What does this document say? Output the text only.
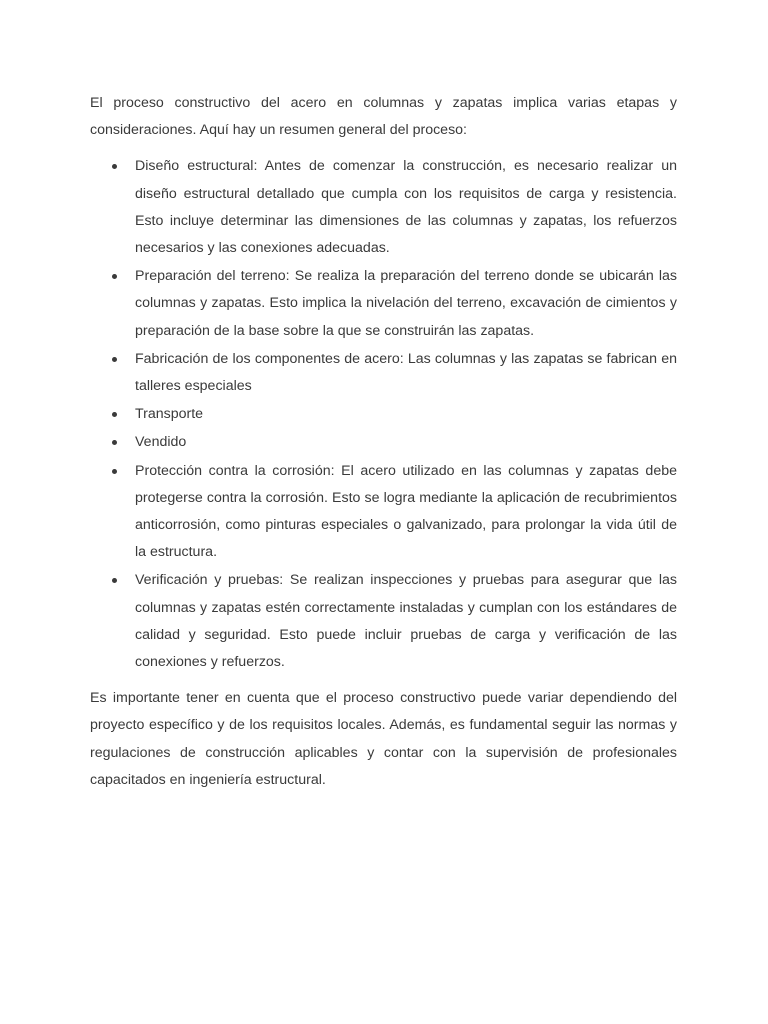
El proceso constructivo del acero en columnas y zapatas implica varias etapas y consideraciones. Aquí hay un resumen general del proceso:

Diseño estructural: Antes de comenzar la construcción, es necesario realizar un diseño estructural detallado que cumpla con los requisitos de carga y resistencia. Esto incluye determinar las dimensiones de las columnas y zapatas, los refuerzos necesarios y las conexiones adecuadas.
Preparación del terreno: Se realiza la preparación del terreno donde se ubicarán las columnas y zapatas. Esto implica la nivelación del terreno, excavación de cimientos y preparación de la base sobre la que se construirán las zapatas.
Fabricación de los componentes de acero: Las columnas y las zapatas se fabrican en talleres especiales
Transporte
Vendido
Protección contra la corrosión: El acero utilizado en las columnas y zapatas debe protegerse contra la corrosión. Esto se logra mediante la aplicación de recubrimientos anticorrosión, como pinturas especiales o galvanizado, para prolongar la vida útil de la estructura.
Verificación y pruebas: Se realizan inspecciones y pruebas para asegurar que las columnas y zapatas estén correctamente instaladas y cumplan con los estándares de calidad y seguridad. Esto puede incluir pruebas de carga y verificación de las conexiones y refuerzos.

Es importante tener en cuenta que el proceso constructivo puede variar dependiendo del proyecto específico y de los requisitos locales. Además, es fundamental seguir las normas y regulaciones de construcción aplicables y contar con la supervisión de profesionales capacitados en ingeniería estructural.
